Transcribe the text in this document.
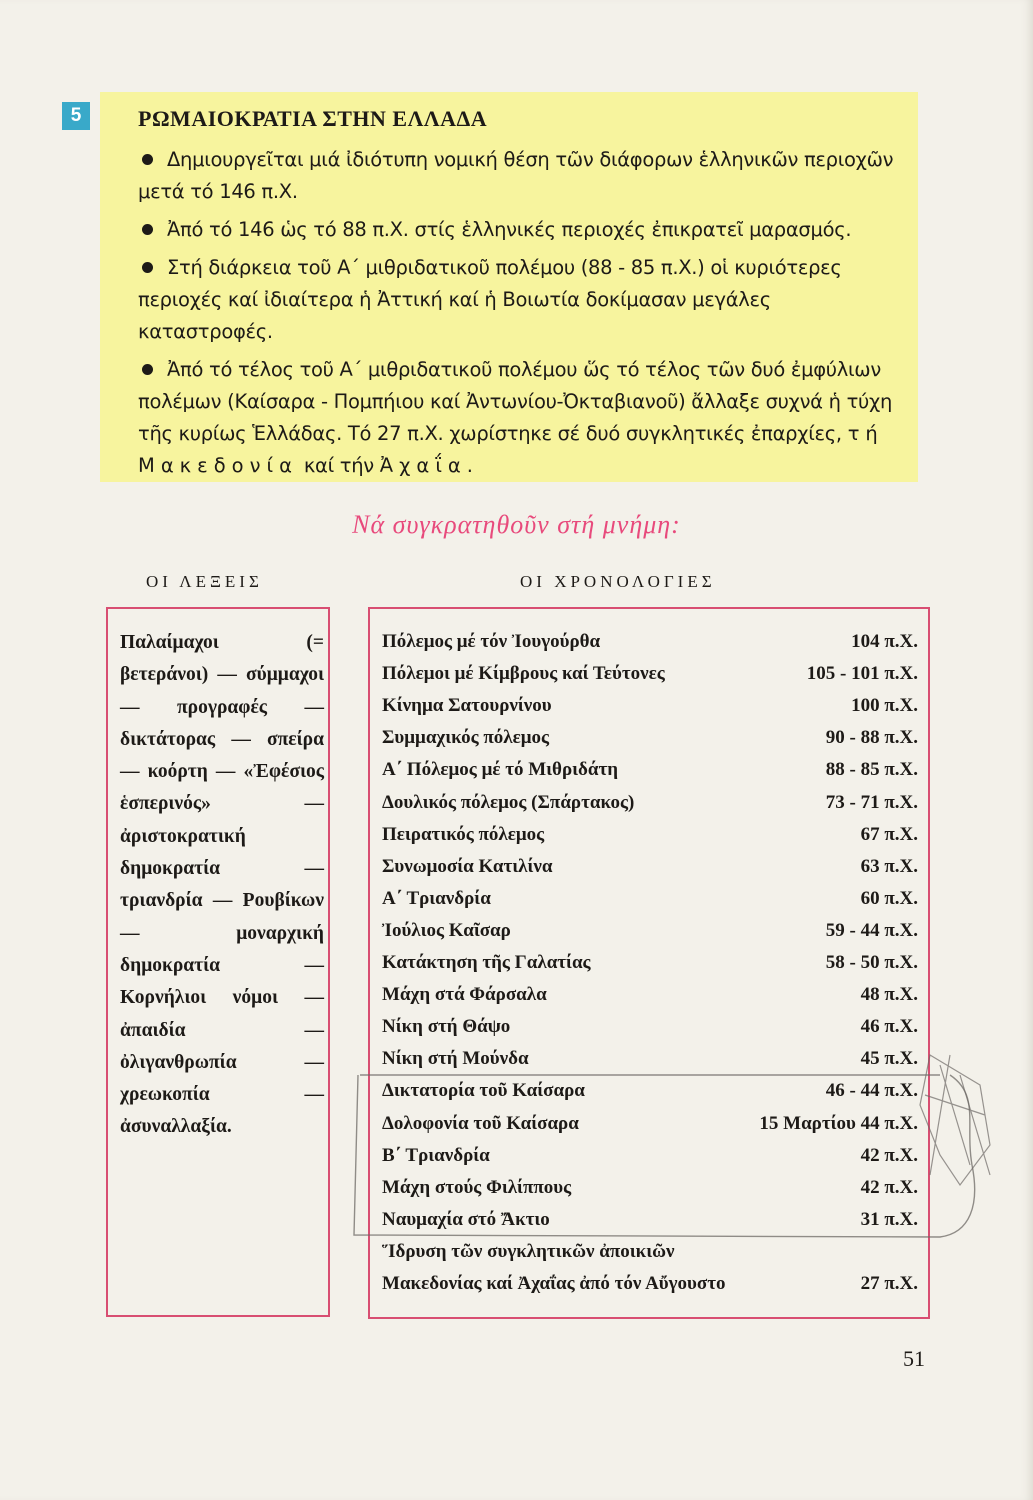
5	ΡΩΜΑΙΟΚΡΑΤΙΑ ΣΤΗΝ ΕΛΛΑΔΑ

Δημιουργεῖται μιά ἰδιότυπη νομική θέση τῶν διάφορων ἑλληνικῶν περιοχῶν μετά τό 146 π.Χ.

Ἀπό τό 146 ὡς τό 88 π.Χ. στίς ἑλληνικές περιοχές ἐπικρατεῖ μαρασμός.

Στή διάρκεια τοῦ Α΄ μιθριδατικοῦ πολέμου (88 - 85 π.Χ.) οἱ κυριότερες περιοχές καί ἰδιαίτερα ἡ Ἀττική καί ἡ Βοιωτία δοκίμασαν μεγάλες καταστροφές.

Ἀπό τό τέλος τοῦ Α΄ μιθριδατικοῦ πολέμου ὥς τό τέλος τῶν δυό ἐμφύλιων πολέμων (Καίσαρα - Πομπήιου καί Ἀντωνίου-Ὀκταβιανοῦ) ἄλλαξε συχνά ἡ τύχη τῆς κυρίως Ἑλλάδας. Τό 27 π.Χ. χωρίστηκε σέ δυό συγκλητικές ἐπαρχίες, τή Μακεδονία καί τήν Ἀχαΐα.

Νά συγκρατηθοῦν στή μνήμη:
ΟΙ ΛΕΞΕΙΣ	ΟΙ ΧΡΟΝΟΛΟΓΙΕΣ
Παλαίμαχοι (= βετεράνοι) — σύμμαχοι — προγραφές — δικτάτορας — σπείρα — κοόρτη — «Ἐφέσιος ἑσπερινός» — ἀριστοκρατική δημοκρατία — τριανδρία — Ρουβίκων — μοναρχική δημοκρατία — Κορνήλιοι νόμοι — ἀπαιδία — ὀλιγανθρωπία — χρεωκοπία — ἀσυναλλαξία.
Πόλεμος μέ τόν Ἰουγούρθα	104 π.Χ.
Πόλεμοι μέ Κίμβρους καί Τεύτονες	105 - 101 π.Χ.
Κίνημα Σατουρνίνου	100 π.Χ.
Συμμαχικός πόλεμος	90 - 88 π.Χ.
Α΄ Πόλεμος μέ τό Μιθριδάτη	88 - 85 π.Χ.
Δουλικός πόλεμος (Σπάρτακος)	73 - 71 π.Χ.
Πειρατικός πόλεμος	67 π.Χ.
Συνωμοσία Κατιλίνα	63 π.Χ.
Α΄ Τριανδρία	60 π.Χ.
Ἰούλιος Καῖσαρ	59 - 44 π.Χ.
Κατάκτηση τῆς Γαλατίας	58 - 50 π.Χ.
Μάχη στά Φάρσαλα	48 π.Χ.
Νίκη στή Θάψο	46 π.Χ.
Νίκη στή Μούνδα	45 π.Χ.
Δικτατορία τοῦ Καίσαρα	46 - 44 π.Χ.
Δολοφονία τοῦ Καίσαρα	15 Μαρτίου 44 π.Χ.
Β΄ Τριανδρία	42 π.Χ.
Μάχη στούς Φιλίππους	42 π.Χ.
Ναυμαχία στό Ἄκτιο	31 π.Χ.
Ἵδρυση τῶν συγκλητικῶν ἀποικιῶν
Μακεδονίας καί Ἀχαΐας ἀπό τόν Αὔγουστο	27 π.Χ.
51
